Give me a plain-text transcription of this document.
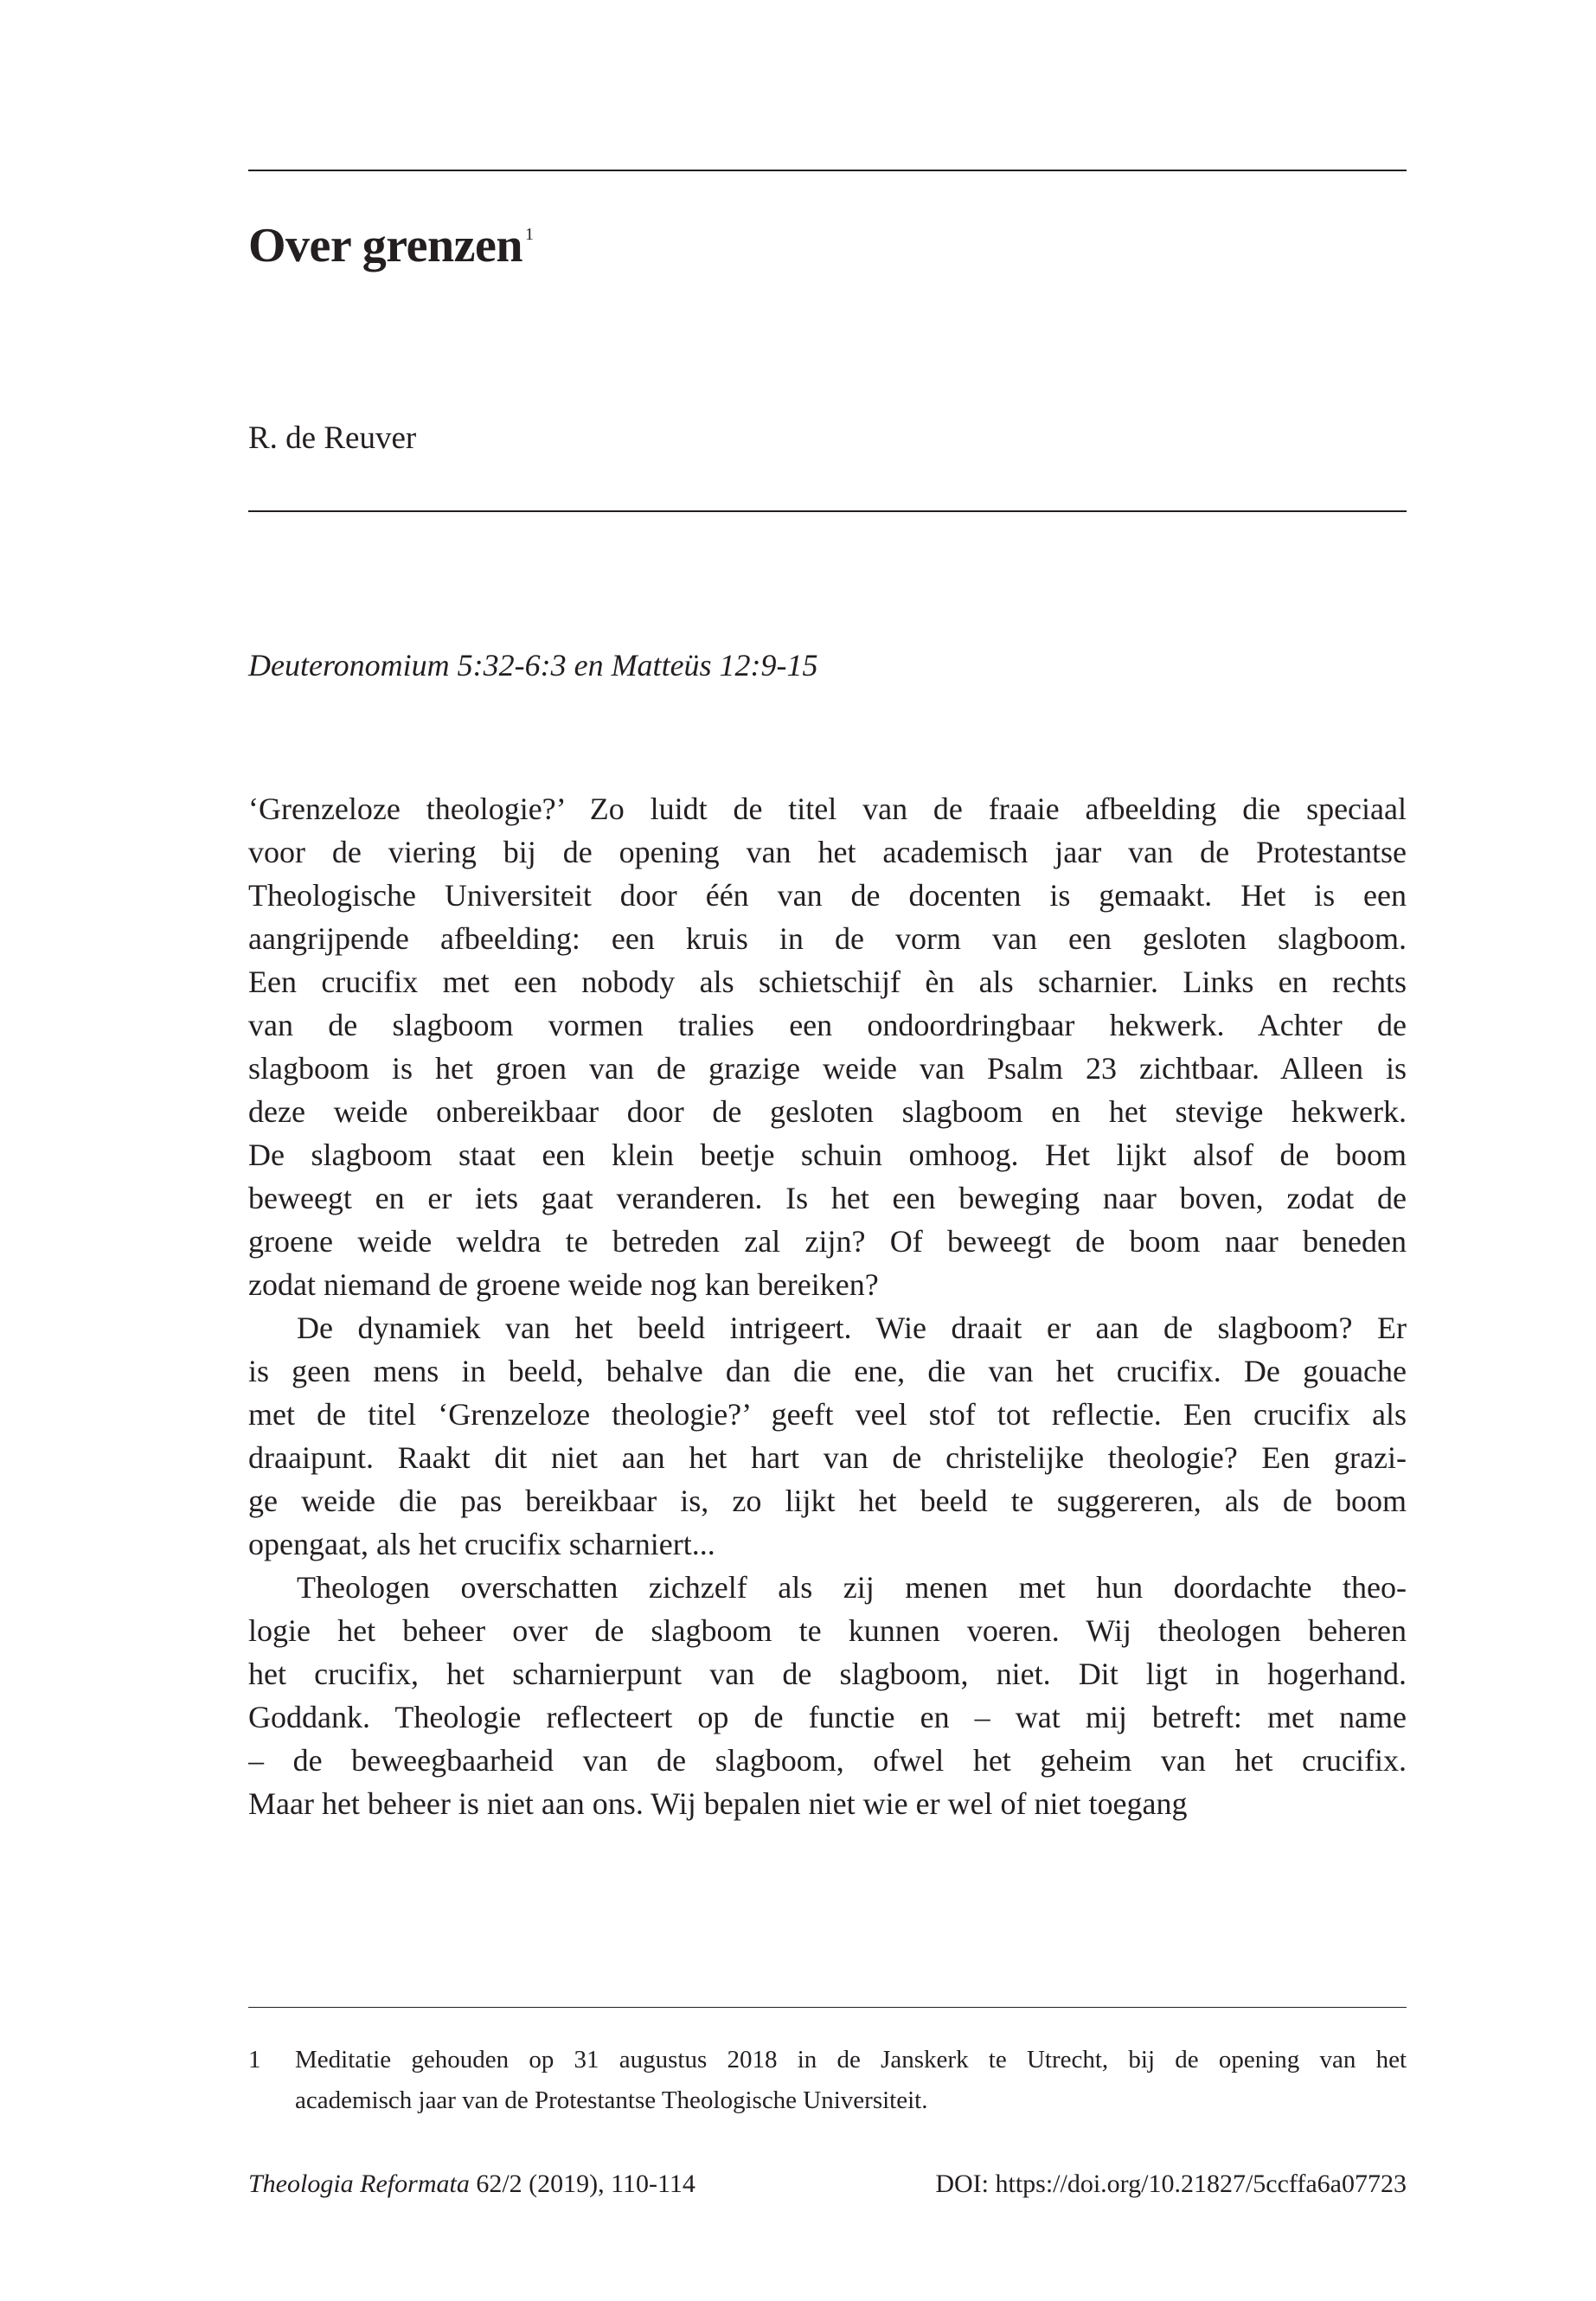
Over grenzen $^1$
R. de Reuver
Deuteronomium 5:32-6:3 en Matteüs 12:9-15
‘Grenzeloze theologie?’ Zo luidt de titel van de fraaie afbeelding die speciaal
voor de viering bij de opening van het academisch jaar van de Protestantse
Theologische Universiteit door één van de docenten is gemaakt. Het is een
aangrijpende afbeelding: een kruis in de vorm van een gesloten slagboom.
Een crucifix met een nobody als schietschijf èn als scharnier. Links en rechts
van de slagboom vormen tralies een ondoordringbaar hekwerk. Achter de
slagboom is het groen van de grazige weide van Psalm 23 zichtbaar. Alleen is
deze weide onbereikbaar door de gesloten slagboom en het stevige hekwerk.
De slagboom staat een klein beetje schuin omhoog. Het lijkt alsof de boom
beweegt en er iets gaat veranderen. Is het een beweging naar boven, zodat de
groene weide weldra te betreden zal zijn? Of beweegt de boom naar beneden
zodat niemand de groene weide nog kan bereiken?
De dynamiek van het beeld intrigeert. Wie draait er aan de slagboom? Er
is geen mens in beeld, behalve dan die ene, die van het crucifix. De gouache
met de titel ‘Grenzeloze theologie?’ geeft veel stof tot reflectie. Een crucifix als
draaipunt. Raakt dit niet aan het hart van de christelijke theologie? Een grazi-
ge weide die pas bereikbaar is, zo lijkt het beeld te suggereren, als de boom
opengaat, als het crucifix scharniert...
Theologen overschatten zichzelf als zij menen met hun doordachte theo-
logie het beheer over de slagboom te kunnen voeren. Wij theologen beheren
het crucifix, het scharnierpunt van de slagboom, niet. Dit ligt in hogerhand.
Goddank. Theologie reflecteert op de functie en – wat mij betreft: met name
– de beweegbaarheid van de slagboom, ofwel het geheim van het crucifix.
Maar het beheer is niet aan ons. Wij bepalen niet wie er wel of niet toegang
1 Meditatie gehouden op 31 augustus 2018 in de Janskerk te Utrecht, bij de opening van het
academisch jaar van de Protestantse Theologische Universiteit.
Theologia Reformata 62/2 (2019), 110-114	DOI: https://doi.org/10.21827/5ccffa6a07723
